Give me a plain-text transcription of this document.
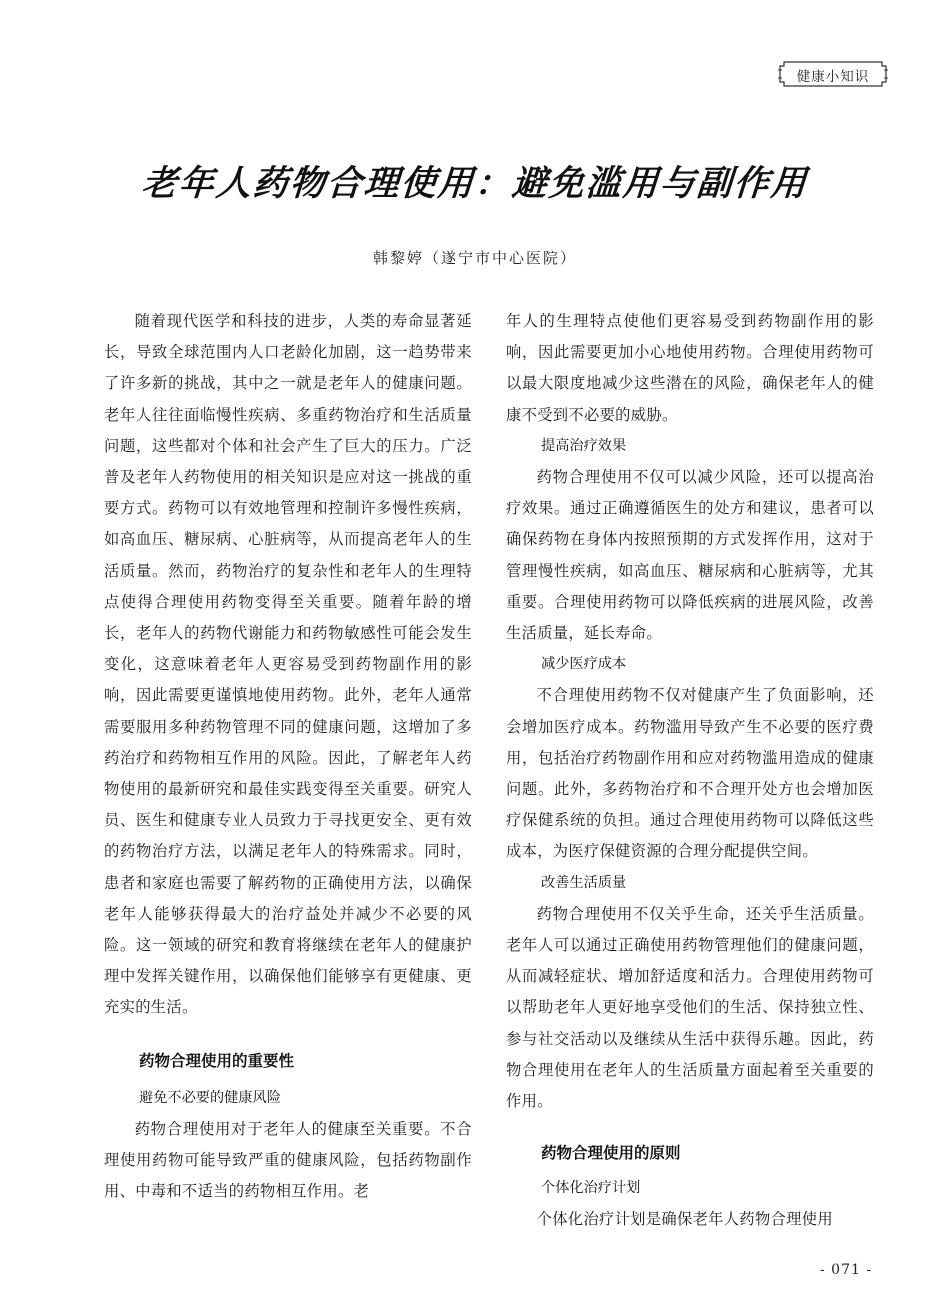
健康小知识
老年人药物合理使用：避免滥用与副作用
韩黎婷（遂宁市中心医院）

随着现代医学和科技的进步，人类的寿命显著延长，导致全球范围内人口老龄化加剧，这一趋势带来了许多新的挑战，其中之一就是老年人的健康问题。老年人往往面临慢性疾病、多重药物治疗和生活质量问题，这些都对个体和社会产生了巨大的压力。广泛普及老年人药物使用的相关知识是应对这一挑战的重要方式。药物可以有效地管理和控制许多慢性疾病，如高血压、糖尿病、心脏病等，从而提高老年人的生活质量。然而，药物治疗的复杂性和老年人的生理特点使得合理使用药物变得至关重要。随着年龄的增长，老年人的药物代谢能力和药物敏感性可能会发生变化，这意味着老年人更容易受到药物副作用的影响，因此需要更谨慎地使用药物。此外，老年人通常需要服用多种药物管理不同的健康问题，这增加了多药治疗和药物相互作用的风险。因此，了解老年人药物使用的最新研究和最佳实践变得至关重要。研究人员、医生和健康专业人员致力于寻找更安全、更有效的药物治疗方法，以满足老年人的特殊需求。同时，患者和家庭也需要了解药物的正确使用方法，以确保老年人能够获得最大的治疗益处并减少不必要的风险。这一领域的研究和教育将继续在老年人的健康护理中发挥关键作用，以确保他们能够享有更健康、更充实的生活。

药物合理使用的重要性
避免不必要的健康风险

药物合理使用对于老年人的健康至关重要。不合理使用药物可能导致严重的健康风险，包括药物副作用、中毒和不适当的药物相互作用。老

年人的生理特点使他们更容易受到药物副作用的影响，因此需要更加小心地使用药物。合理使用药物可以最大限度地减少这些潜在的风险，确保老年人的健康不受到不必要的威胁。

提高治疗效果

药物合理使用不仅可以减少风险，还可以提高治疗效果。通过正确遵循医生的处方和建议，患者可以确保药物在身体内按照预期的方式发挥作用，这对于管理慢性疾病，如高血压、糖尿病和心脏病等，尤其重要。合理使用药物可以降低疾病的进展风险，改善生活质量，延长寿命。

减少医疗成本

不合理使用药物不仅对健康产生了负面影响，还会增加医疗成本。药物滥用导致产生不必要的医疗费用，包括治疗药物副作用和应对药物滥用造成的健康问题。此外，多药物治疗和不合理开处方也会增加医疗保健系统的负担。通过合理使用药物可以降低这些成本，为医疗保健资源的合理分配提供空间。

改善生活质量

药物合理使用不仅关乎生命，还关乎生活质量。老年人可以通过正确使用药物管理他们的健康问题，从而减轻症状、增加舒适度和活力。合理使用药物可以帮助老年人更好地享受他们的生活、保持独立性、参与社交活动以及继续从生活中获得乐趣。因此，药物合理使用在老年人的生活质量方面起着至关重要的作用。

药物合理使用的原则
个体化治疗计划

个体化治疗计划是确保老年人药物合理使用

- 071 -
